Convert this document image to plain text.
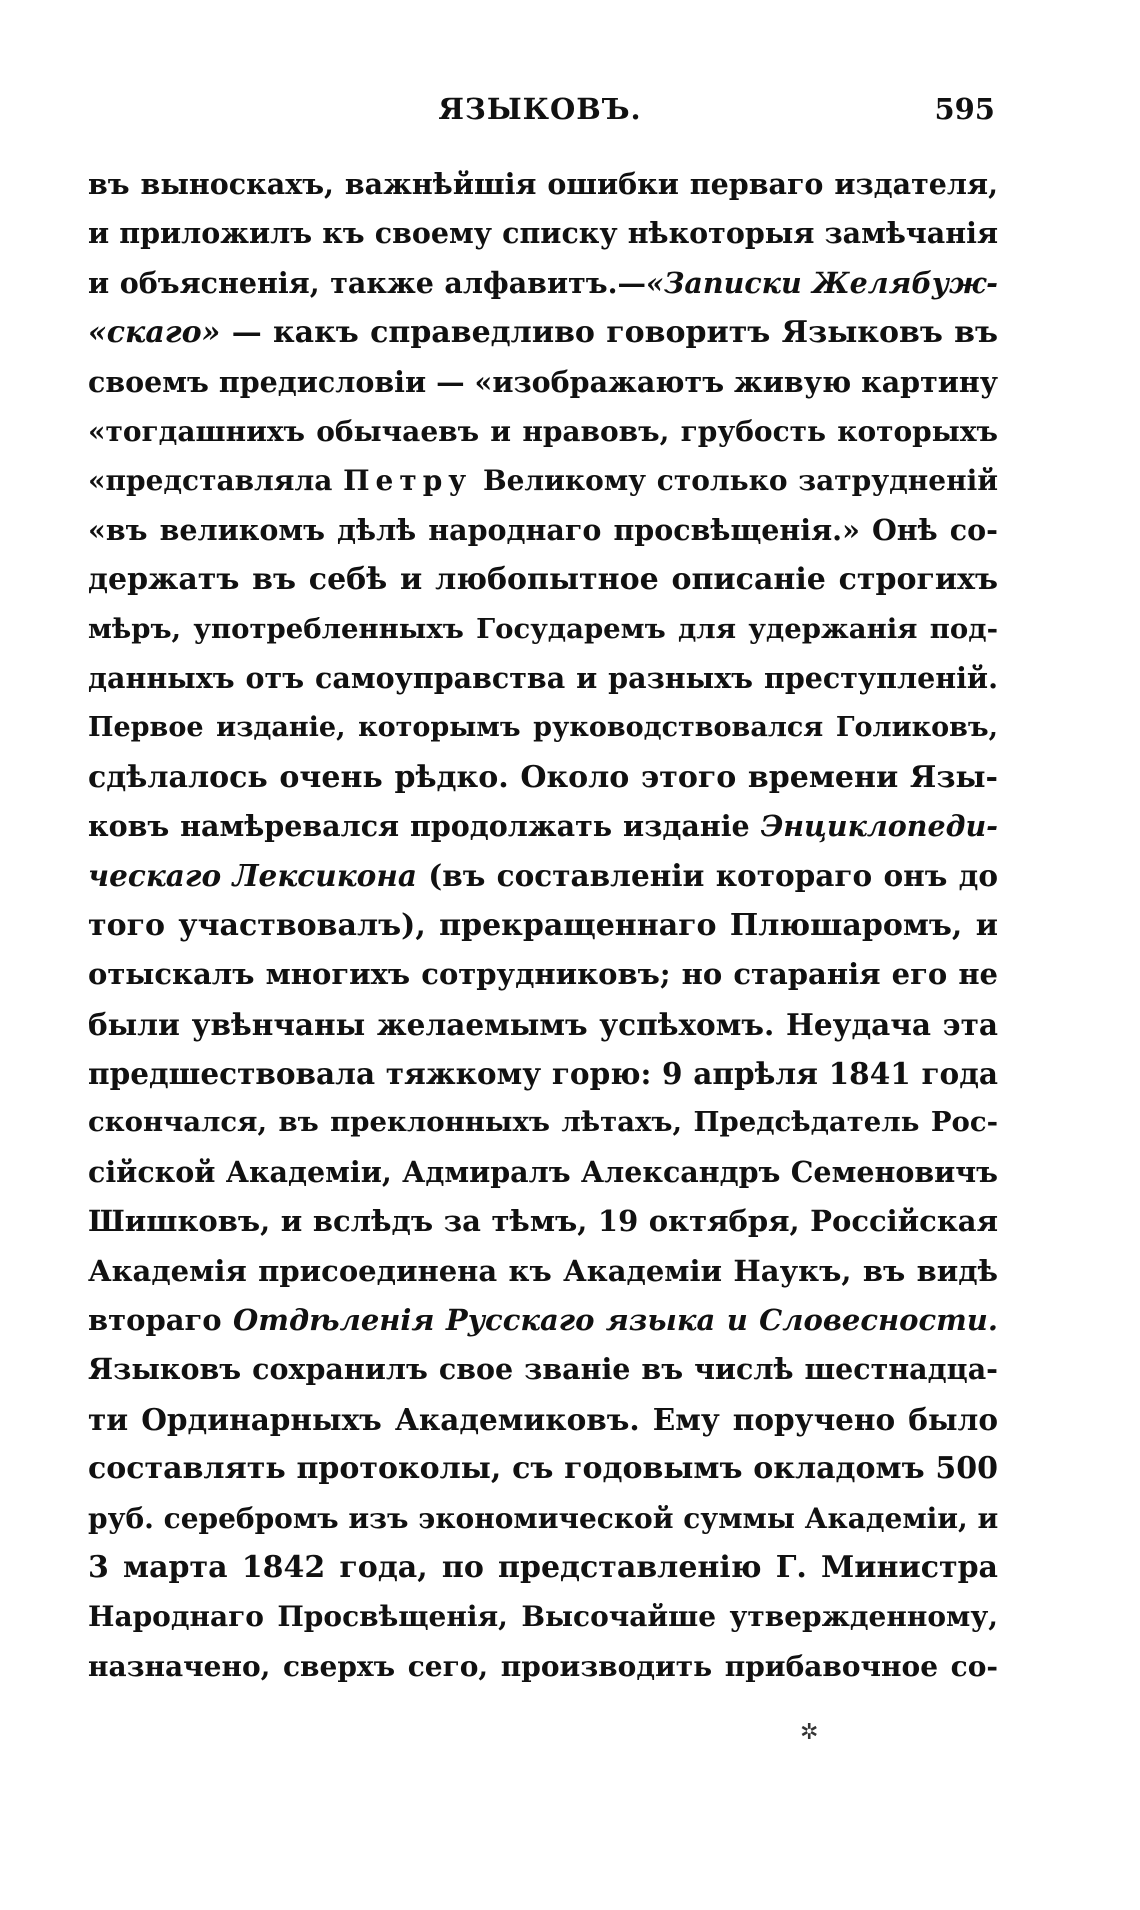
ЯЗЫКОВЪ.	595
въ выноскахъ, важнѣйшія ошибки перваго издателя,
и приложилъ къ своему списку нѣкоторыя замѣчанія
и объясненія, также алфавитъ.—«Записки Желябуж-
«скаго» — какъ справедливо говоритъ Языковъ въ
своемъ предисловіи — «изображаютъ живую картину
«тогдашнихъ обычаевъ и нравовъ, грубость которыхъ
«представляла Петру Великому столько затрудненій
«въ великомъ дѣлѣ народнаго просвѣщенія.» Онѣ со-
держатъ въ себѣ и любопытное описаніе строгихъ
мѣръ, употребленныхъ Государемъ для удержанія под-
данныхъ отъ самоуправства и разныхъ преступленій.
Первое изданіе, которымъ руководствовался Голиковъ,
сдѣлалось очень рѣдко. Около этого времени Язы-
ковъ намѣревался продолжать изданіе Энциклопеди-
ческаго Лексикона (въ составленіи котораго онъ до
того участвовалъ), прекращеннаго Плюшаромъ, и
отыскалъ многихъ сотрудниковъ; но старанія его не
были увѣнчаны желаемымъ успѣхомъ. Неудача эта
предшествовала тяжкому горю: 9 апрѣля 1841 года
скончался, въ преклонныхъ лѣтахъ, Предсѣдатель Рос-
сійской Академіи, Адмиралъ Александръ Семеновичъ
Шишковъ, и вслѣдъ за тѣмъ, 19 октября, Россійская
Академія присоединена къ Академіи Наукъ, въ видѣ
втораго Отдѣленія Русскаго языка и Словесности.
Языковъ сохранилъ свое званіе въ числѣ шестнадца-
ти Ординарныхъ Академиковъ. Ему поручено было
составлять протоколы, съ годовымъ окладомъ 500
руб. серебромъ изъ экономической суммы Академіи, и
3 марта 1842 года, по представленію Г. Министра
Народнаго Просвѣщенія, Высочайше утвержденному,
назначено, сверхъ сего, производить прибавочное со-
✲
